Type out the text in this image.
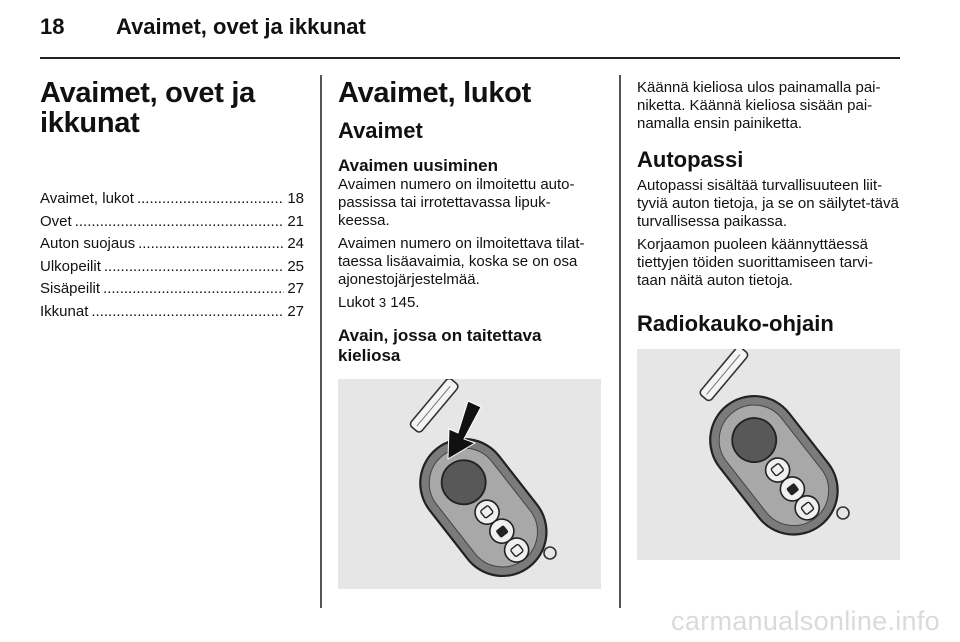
18 Avaimet, ovet ja ikkunat
Avaimet, ovet ja
ikkunat
Avaimet, lukot .....	18
Ovet .....	21
Auton suojaus .....	24
Ulkopeilit .....	25
Sisäpeilit .....	27
Ikkunat .....	27
Avaimet, lukot
Avaimet
Avaimen uusiminen

Avaimen numero on ilmoitettu auto-passissa tai irrotettavassa lipuk-keessa.

Avaimen numero on ilmoitettava tilat-taessa lisäavaimia, koska se on osa ajonestojärjestelmää.

Lukot 3 145.

Avain, jossa on taitettava
kieliosa

Käännä kieliosa ulos painamalla pai-niketta. Käännä kieliosa sisään pai-namalla ensin painiketta.

Autopassi

Autopassi sisältää turvallisuuteen liit-tyviä auton tietoja, ja se on säilytet-tävä turvallisessa paikassa.

Korjaamon puoleen käännyttäessä tiettyjen töiden suorittamiseen tarvi-taan näitä auton tietoja.

Radiokauko-ohjain
carmanualsonline.info
